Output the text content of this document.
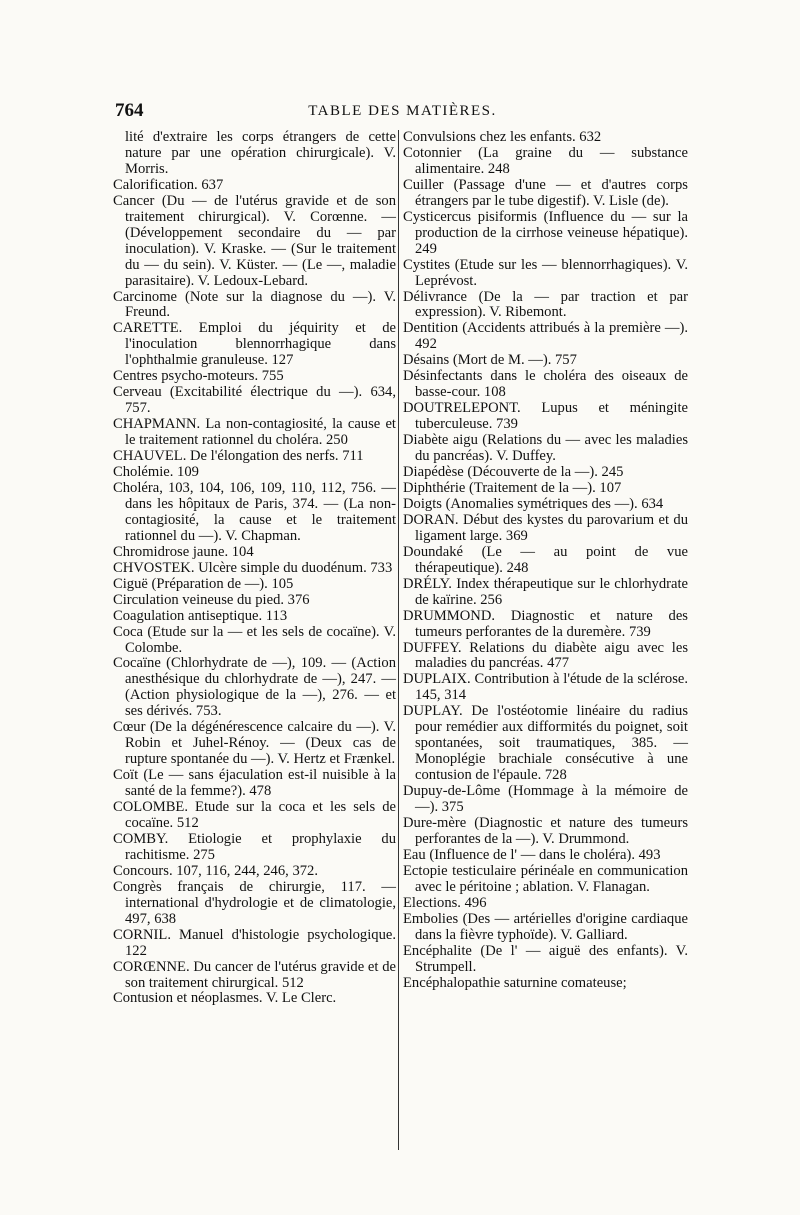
764	TABLE DES MATIÈRES.
lité d'extraire les corps étrangers de cette nature par une opération chirurgicale). V. Morris.
Calorification. 637
Cancer (Du — de l'utérus gravide et de son traitement chirurgical). V. Corœnne. — (Développement secondaire du — par inoculation). V. Kraske. — (Sur le traitement du — du sein). V. Küster. — (Le —, maladie parasitaire). V. Ledoux-Lebard.
Carcinome (Note sur la diagnose du —). V. Freund.
CARETTE. Emploi du jéquirity et de l'inoculation blennorrhagique dans l'ophthalmie granuleuse. 127
Centres psycho-moteurs. 755
Cerveau (Excitabilité électrique du —). 634, 757.
CHAPMANN. La non-contagiosité, la cause et le traitement rationnel du choléra. 250
CHAUVEL. De l'élongation des nerfs. 711
Cholémie. 109
Choléra, 103, 104, 106, 109, 110, 112, 756. — dans les hôpitaux de Paris, 374. — (La non-contagiosité, la cause et le traitement rationnel du —). V. Chapman.
Chromidrose jaune. 104
CHVOSTEK. Ulcère simple du duodénum. 733
Ciguë (Préparation de —). 105
Circulation veineuse du pied. 376
Coagulation antiseptique. 113
Coca (Etude sur la — et les sels de cocaïne). V. Colombe.
Cocaïne (Chlorhydrate de —), 109. — (Action anesthésique du chlorhydrate de —), 247. — (Action physiologique de la —), 276. — et ses dérivés. 753.
Cœur (De la dégénérescence calcaire du —). V. Robin et Juhel-Rénoy. — (Deux cas de rupture spontanée du —). V. Hertz et Frænkel.
Coït (Le — sans éjaculation est-il nuisible à la santé de la femme?). 478
COLOMBE. Etude sur la coca et les sels de cocaïne. 512
COMBY. Etiologie et prophylaxie du rachitisme. 275
Concours. 107, 116, 244, 246, 372.
Congrès français de chirurgie, 117. — international d'hydrologie et de climatologie, 497, 638
CORNIL. Manuel d'histologie psychologique. 122
CORŒNNE. Du cancer de l'utérus gravide et de son traitement chirurgical. 512
Contusion et néoplasmes. V. Le Clerc.
Convulsions chez les enfants. 632
Cotonnier (La graine du — substance alimentaire. 248
Cuiller (Passage d'une — et d'autres corps étrangers par le tube digestif). V. Lisle (de).
Cysticercus pisiformis (Influence du — sur la production de la cirrhose veineuse hépatique). 249
Cystites (Etude sur les — blennorrhagiques). V. Leprévost.
Délivrance (De la — par traction et par expression). V. Ribemont.
Dentition (Accidents attribués à la première —). 492
Désains (Mort de M. —). 757
Désinfectants dans le choléra des oiseaux de basse-cour. 108
DOUTRELEPONT. Lupus et méningite tuberculeuse. 739
Diabète aigu (Relations du — avec les maladies du pancréas). V. Duffey.
Diapédèse (Découverte de la —). 245
Diphthérie (Traitement de la —). 107
Doigts (Anomalies symétriques des —). 634
DORAN. Début des kystes du parovarium et du ligament large. 369
Doundaké (Le — au point de vue thérapeutique). 248
DRÉLY. Index thérapeutique sur le chlorhydrate de kaïrine. 256
DRUMMOND. Diagnostic et nature des tumeurs perforantes de la duremère. 739
DUFFEY. Relations du diabète aigu avec les maladies du pancréas. 477
DUPLAIX. Contribution à l'étude de la sclérose. 145, 314
DUPLAY. De l'ostéotomie linéaire du radius pour remédier aux difformités du poignet, soit spontanées, soit traumatiques, 385. — Monoplégie brachiale consécutive à une contusion de l'épaule. 728
Dupuy-de-Lôme (Hommage à la mémoire de —). 375
Dure-mère (Diagnostic et nature des tumeurs perforantes de la —). V. Drummond.
Eau (Influence de l' — dans le choléra). 493
Ectopie testiculaire périnéale en communication avec le péritoine ; ablation. V. Flanagan.
Elections. 496
Embolies (Des — artérielles d'origine cardiaque dans la fièvre typhoïde). V. Galliard.
Encéphalite (De l' — aiguë des enfants). V. Strumpell.
Encéphalopathie saturnine comateuse;
